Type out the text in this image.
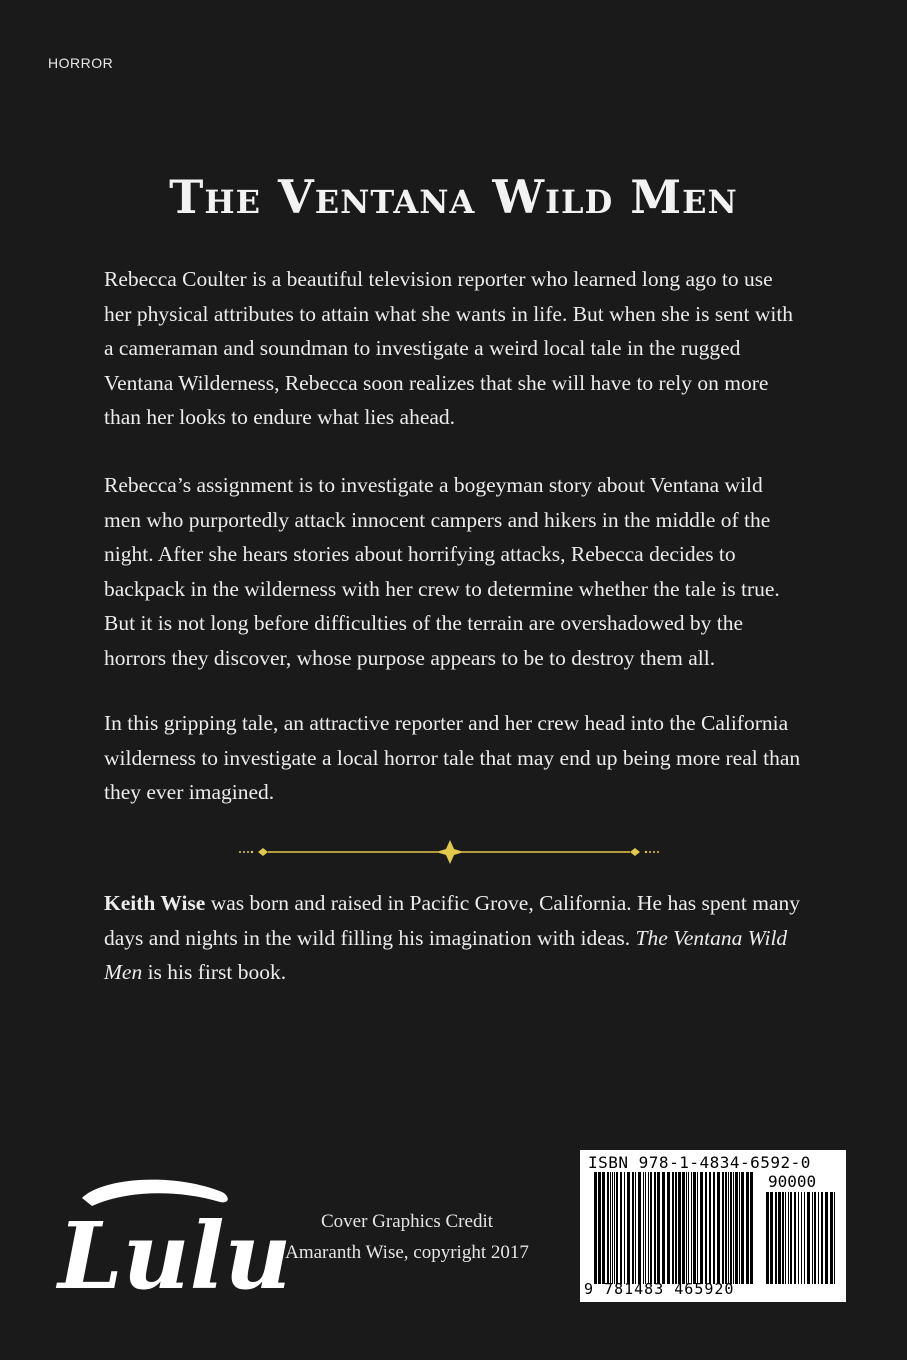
HORROR
The Ventana Wild Men

Rebecca Coulter is a beautiful television reporter who learned long ago to use her physical attributes to attain what she wants in life. But when she is sent with a cameraman and soundman to investigate a weird local tale in the rugged Ventana Wilderness, Rebecca soon realizes that she will have to rely on more than her looks to endure what lies ahead.

Rebecca’s assignment is to investigate a bogeyman story about Ventana wild men who purportedly attack innocent campers and hikers in the middle of the night. After she hears stories about horrifying attacks, Rebecca decides to backpack in the wilderness with her crew to determine whether the tale is true. But it is not long before difficulties of the terrain are overshadowed by the horrors they discover, whose purpose appears to be to destroy them all.

In this gripping tale, an attractive reporter and her crew head into the California wilderness to investigate a local horror tale that may end up being more real than they ever imagined.

Keith Wise was born and raised in Pacific Grove, California. He has spent many days and nights in the wild filling his imagination with ideas. The Ventana Wild Men is his first book.

Lulu	Cover Graphics Credit
Amaranth Wise, copyright 2017
ISBN 978-1-4834-6592-0
90000
9 781483 465920
